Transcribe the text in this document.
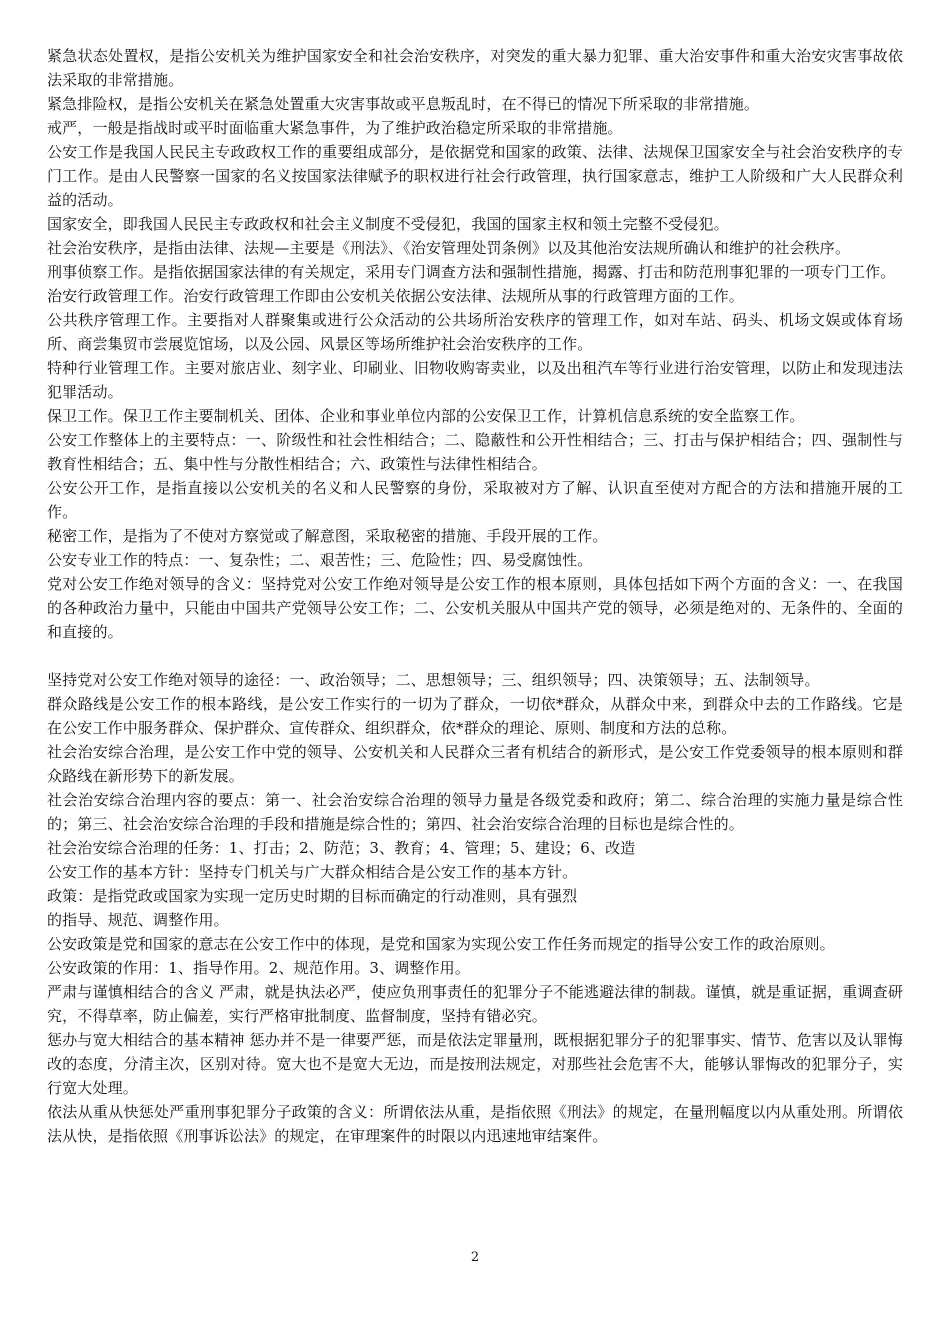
紧急状态处置权，是指公安机关为维护国家安全和社会治安秩序，对突发的重大暴力犯罪、重大治安事件和重大治安灾害事故依法采取的非常措施。

紧急排险权，是指公安机关在紧急处置重大灾害事故或平息叛乱时，在不得已的情况下所采取的非常措施。

戒严，一般是指战时或平时面临重大紧急事件，为了维护政治稳定所采取的非常措施。

公安工作是我国人民民主专政政权工作的重要组成部分，是依据党和国家的政策、法律、法规保卫国家安全与社会治安秩序的专门工作。是由人民警察一国家的名义按国家法律赋予的职权进行社会行政管理，执行国家意志，维护工人阶级和广大人民群众利益的活动。

国家安全，即我国人民民主专政政权和社会主义制度不受侵犯，我国的国家主权和领土完整不受侵犯。

社会治安秩序，是指由法律、法规—主要是《刑法》、《治安管理处罚条例》以及其他治安法规所确认和维护的社会秩序。

刑事侦察工作。是指依据国家法律的有关规定，采用专门调查方法和强制性措施，揭露、打击和防范刑事犯罪的一项专门工作。

治安行政管理工作。治安行政管理工作即由公安机关依据公安法律、法规所从事的行政管理方面的工作。

公共秩序管理工作。主要指对人群聚集或进行公众活动的公共场所治安秩序的管理工作，如对车站、码头、机场文娱或体育场所、商尝集贸市尝展览馆场，以及公园、风景区等场所维护社会治安秩序的工作。

特种行业管理工作。主要对旅店业、刻字业、印刷业、旧物收购寄卖业，以及出租汽车等行业进行治安管理，以防止和发现违法犯罪活动。

保卫工作。保卫工作主要制机关、团体、企业和事业单位内部的公安保卫工作，计算机信息系统的安全监察工作。

公安工作整体上的主要特点：一、阶级性和社会性相结合；二、隐蔽性和公开性相结合；三、打击与保护相结合；四、强制性与教育性相结合；五、集中性与分散性相结合；六、政策性与法律性相结合。

公安公开工作，是指直接以公安机关的名义和人民警察的身份，采取被对方了解、认识直至使对方配合的方法和措施开展的工作。

秘密工作，是指为了不使对方察觉或了解意图，采取秘密的措施、手段开展的工作。

公安专业工作的特点：一、复杂性；二、艰苦性；三、危险性；四、易受腐蚀性。

党对公安工作绝对领导的含义：坚持党对公安工作绝对领导是公安工作的根本原则，具体包括如下两个方面的含义：一、在我国的各种政治力量中，只能由中国共产党领导公安工作；二、公安机关服从中国共产党的领导，必须是绝对的、无条件的、全面的和直接的。

坚持党对公安工作绝对领导的途径：一、政治领导；二、思想领导；三、组织领导；四、决策领导；五、法制领导。

群众路线是公安工作的根本路线，是公安工作实行的一切为了群众，一切依*群众，从群众中来，到群众中去的工作路线。它是在公安工作中服务群众、保护群众、宣传群众、组织群众，依*群众的理论、原则、制度和方法的总称。

社会治安综合治理，是公安工作中党的领导、公安机关和人民群众三者有机结合的新形式，是公安工作党委领导的根本原则和群众路线在新形势下的新发展。

社会治安综合治理内容的要点：第一、社会治安综合治理的领导力量是各级党委和政府；第二、综合治理的实施力量是综合性的；第三、社会治安综合治理的手段和措施是综合性的；第四、社会治安综合治理的目标也是综合性的。

社会治安综合治理的任务：1、打击；2、防范；3、教育；4、管理；5、建设；6、改造

公安工作的基本方针：坚持专门机关与广大群众相结合是公安工作的基本方针。

政策：是指党政或国家为实现一定历史时期的目标而确定的行动准则，具有强烈

的指导、规范、调整作用。

公安政策是党和国家的意志在公安工作中的体现，是党和国家为实现公安工作任务而规定的指导公安工作的政治原则。

公安政策的作用：1、指导作用。2、规范作用。3、调整作用。

严肃与谨慎相结合的含义 严肃，就是执法必严，使应负刑事责任的犯罪分子不能逃避法律的制裁。谨慎，就是重证据，重调查研究，不得草率，防止偏差，实行严格审批制度、监督制度，坚持有错必究。

惩办与宽大相结合的基本精神 惩办并不是一律要严惩，而是依法定罪量刑，既根据犯罪分子的犯罪事实、情节、危害以及认罪悔改的态度，分清主次，区别对待。宽大也不是宽大无边，而是按刑法规定，对那些社会危害不大，能够认罪悔改的犯罪分子，实行宽大处理。

依法从重从快惩处严重刑事犯罪分子政策的含义：所谓依法从重，是指依照《刑法》的规定，在量刑幅度以内从重处刑。所谓依法从快，是指依照《刑事诉讼法》的规定，在审理案件的时限以内迅速地审结案件。

2
